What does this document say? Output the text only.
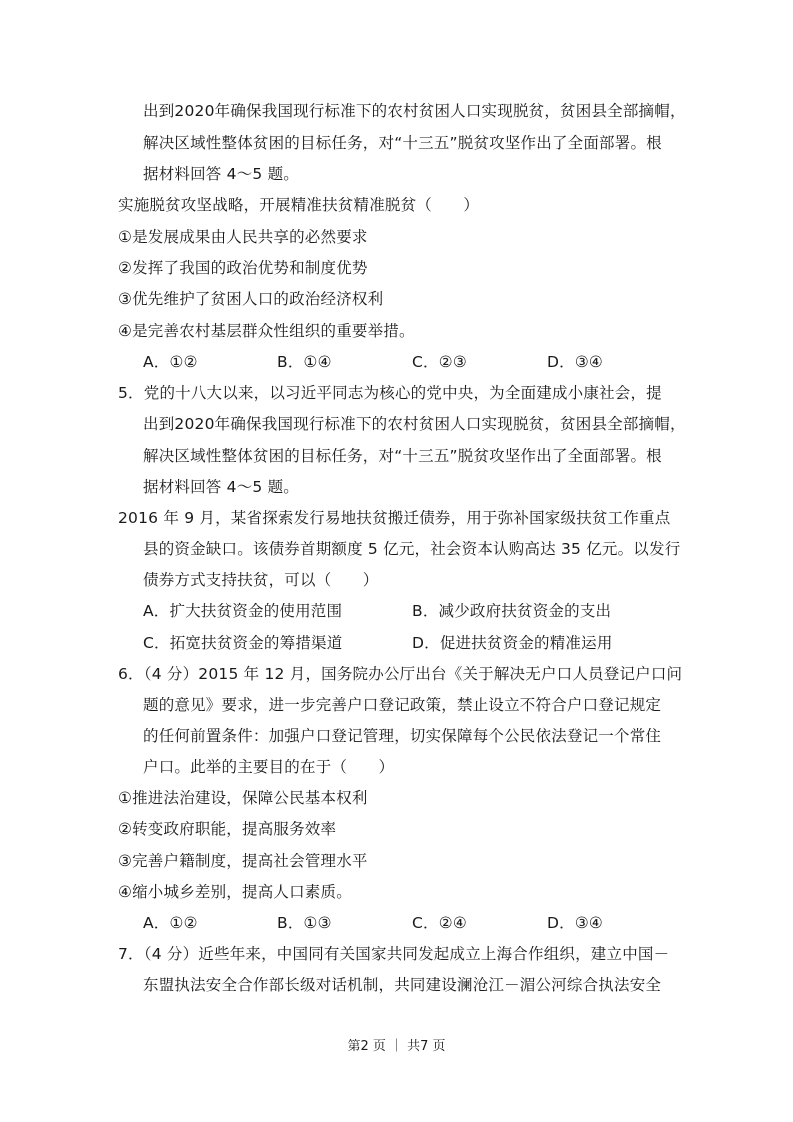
出到2020年确保我国现行标准下的农村贫困人口实现脱贫，贫困县全部摘帽，
解决区域性整体贫困的目标任务，对“十三五”脱贫攻坚作出了全面部署。根
据材料回答 4～5 题。
实施脱贫攻坚战略，开展精准扶贫精准脱贫（　　）
①是发展成果由人民共享的必然要求
②发挥了我国的政治优势和制度优势
③优先维护了贫困人口的政治经济权利
④是完善农村基层群众性组织的重要举措。
A．①②	B．①④	C．②③	D．③④
5．党的十八大以来，以习近平同志为核心的党中央，为全面建成小康社会，提
出到2020年确保我国现行标准下的农村贫困人口实现脱贫，贫困县全部摘帽，
解决区域性整体贫困的目标任务，对“十三五”脱贫攻坚作出了全面部署。根
据材料回答 4～5 题。
2016 年 9 月，某省探索发行易地扶贫搬迁债券，用于弥补国家级扶贫工作重点
县的资金缺口。该债券首期额度 5 亿元，社会资本认购高达 35 亿元。以发行
债券方式支持扶贫，可以（　　）
A．扩大扶贫资金的使用范围	B．减少政府扶贫资金的支出
C．拓宽扶贫资金的筹措渠道	D．促进扶贫资金的精准运用
6．（4 分）2015 年 12 月，国务院办公厅出台《关于解决无户口人员登记户口问
题的意见》要求，进一步完善户口登记政策，禁止设立不符合户口登记规定
的任何前置条件：加强户口登记管理，切实保障每个公民依法登记一个常住
户口。此举的主要目的在于（　　）
①推进法治建设，保障公民基本权利
②转变政府职能，提高服务效率
③完善户籍制度，提高社会管理水平
④缩小城乡差别，提高人口素质。
A．①②	B．①③	C．②④	D．③④
7．（4 分）近些年来，中国同有关国家共同发起成立上海合作组织，建立中国－
东盟执法安全合作部长级对话机制，共同建设澜沧江－湄公河综合执法安全
第2 页 ｜ 共7 页
